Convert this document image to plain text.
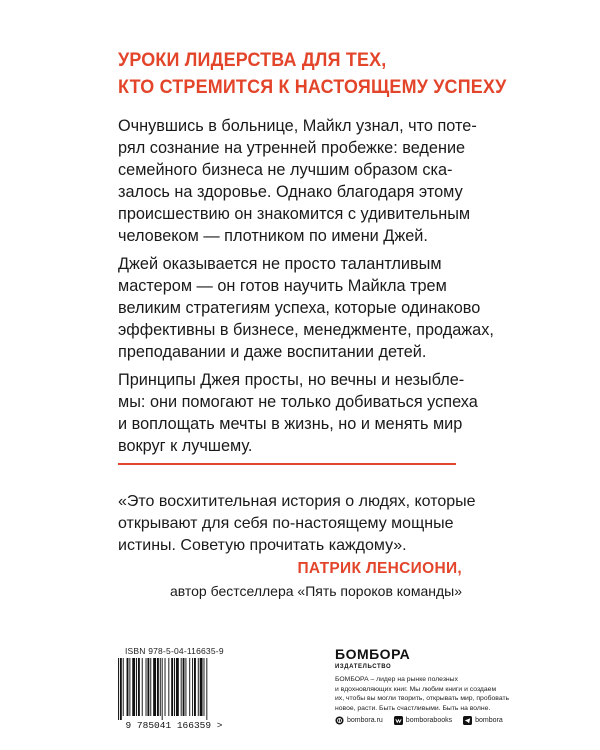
УРОКИ ЛИДЕРСТВА ДЛЯ ТЕХ,
КТО СТРЕМИТСЯ К НАСТОЯЩЕМУ УСПЕХУ
Очнувшись в больнице, Майкл узнал, что поте-
рял сознание на утренней пробежке: ведение
семейного бизнеса не лучшим образом ска-
залось на здоровье. Однако благодаря этому
происшествию он знакомится с удивительным
человеком — плотником по имени Джей.
Джей оказывается не просто талантливым
мастером — он готов научить Майкла трем
великим стратегиям успеха, которые одинаково
эффективны в бизнесе, менеджменте, продажах,
преподавании и даже воспитании детей.
Принципы Джея просты, но вечны и незыбле-
мы: они помогают не только добиваться успеха
и воплощать мечты в жизнь, но и менять мир
вокруг к лучшему.
«Это восхитительная история о людях, которые
открывают для себя по-настоящему мощные
истины. Советую прочитать каждому».
ПАТРИК ЛЕНСИОНИ,
автор бестселлера «Пять пороков команды»
ISBN 978-5-04-116635-9
9 785041 166359 >
БОМБОРА
ИЗДАТЕЛЬСТВО
БОМБОРА – лидер на рынке полезных
и вдохновляющих книг. Мы любим книги и создаем
их, чтобы вы могли творить, открывать мир, пробовать
новое, расти. Быть счастливыми. Быть на волне.
bombora.ru	bomborabooks	bombora
